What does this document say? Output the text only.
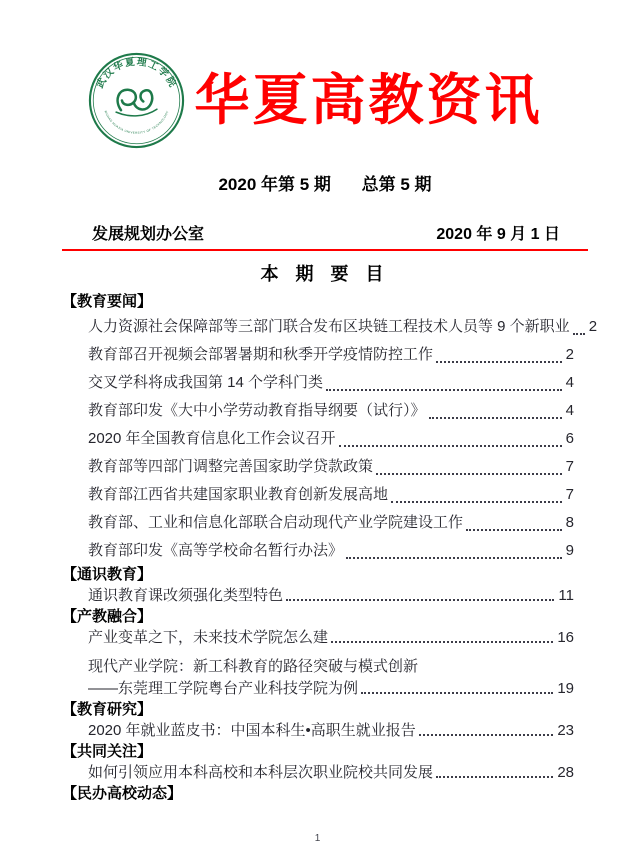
武汉华夏理工学院
WUHAN HUAXIA UNIVERSITY OF TECHNOLOGY 华夏高教资讯
2020 年第 5 期 总第 5 期
发展规划办公室	2020 年 9 月 1 日
本 期 要 目
【教育要闻】
人力资源社会保障部等三部门联合发布区块链工程技术人员等 9 个新职业 2
教育部召开视频会部署暑期和秋季开学疫情防控工作	2
交叉学科将成我国第 14 个学科门类	4
教育部印发《大中小学劳动教育指导纲要（试行）》	4
2020 年全国教育信息化工作会议召开	6
教育部等四部门调整完善国家助学贷款政策	7
教育部江西省共建国家职业教育创新发展高地	7
教育部、工业和信息化部联合启动现代产业学院建设工作	8
教育部印发《高等学校命名暂行办法》	9
【通识教育】
通识教育课改须强化类型特色	11
【产教融合】
产业变革之下，未来技术学院怎么建	16
现代产业学院：新工科教育的路径突破与模式创新
——东莞理工学院粤台产业科技学院为例	19
【教育研究】
2020 年就业蓝皮书：中国本科生•高职生就业报告	23
【共同关注】
如何引领应用本科高校和本科层次职业院校共同发展	28
【民办高校动态】
1
